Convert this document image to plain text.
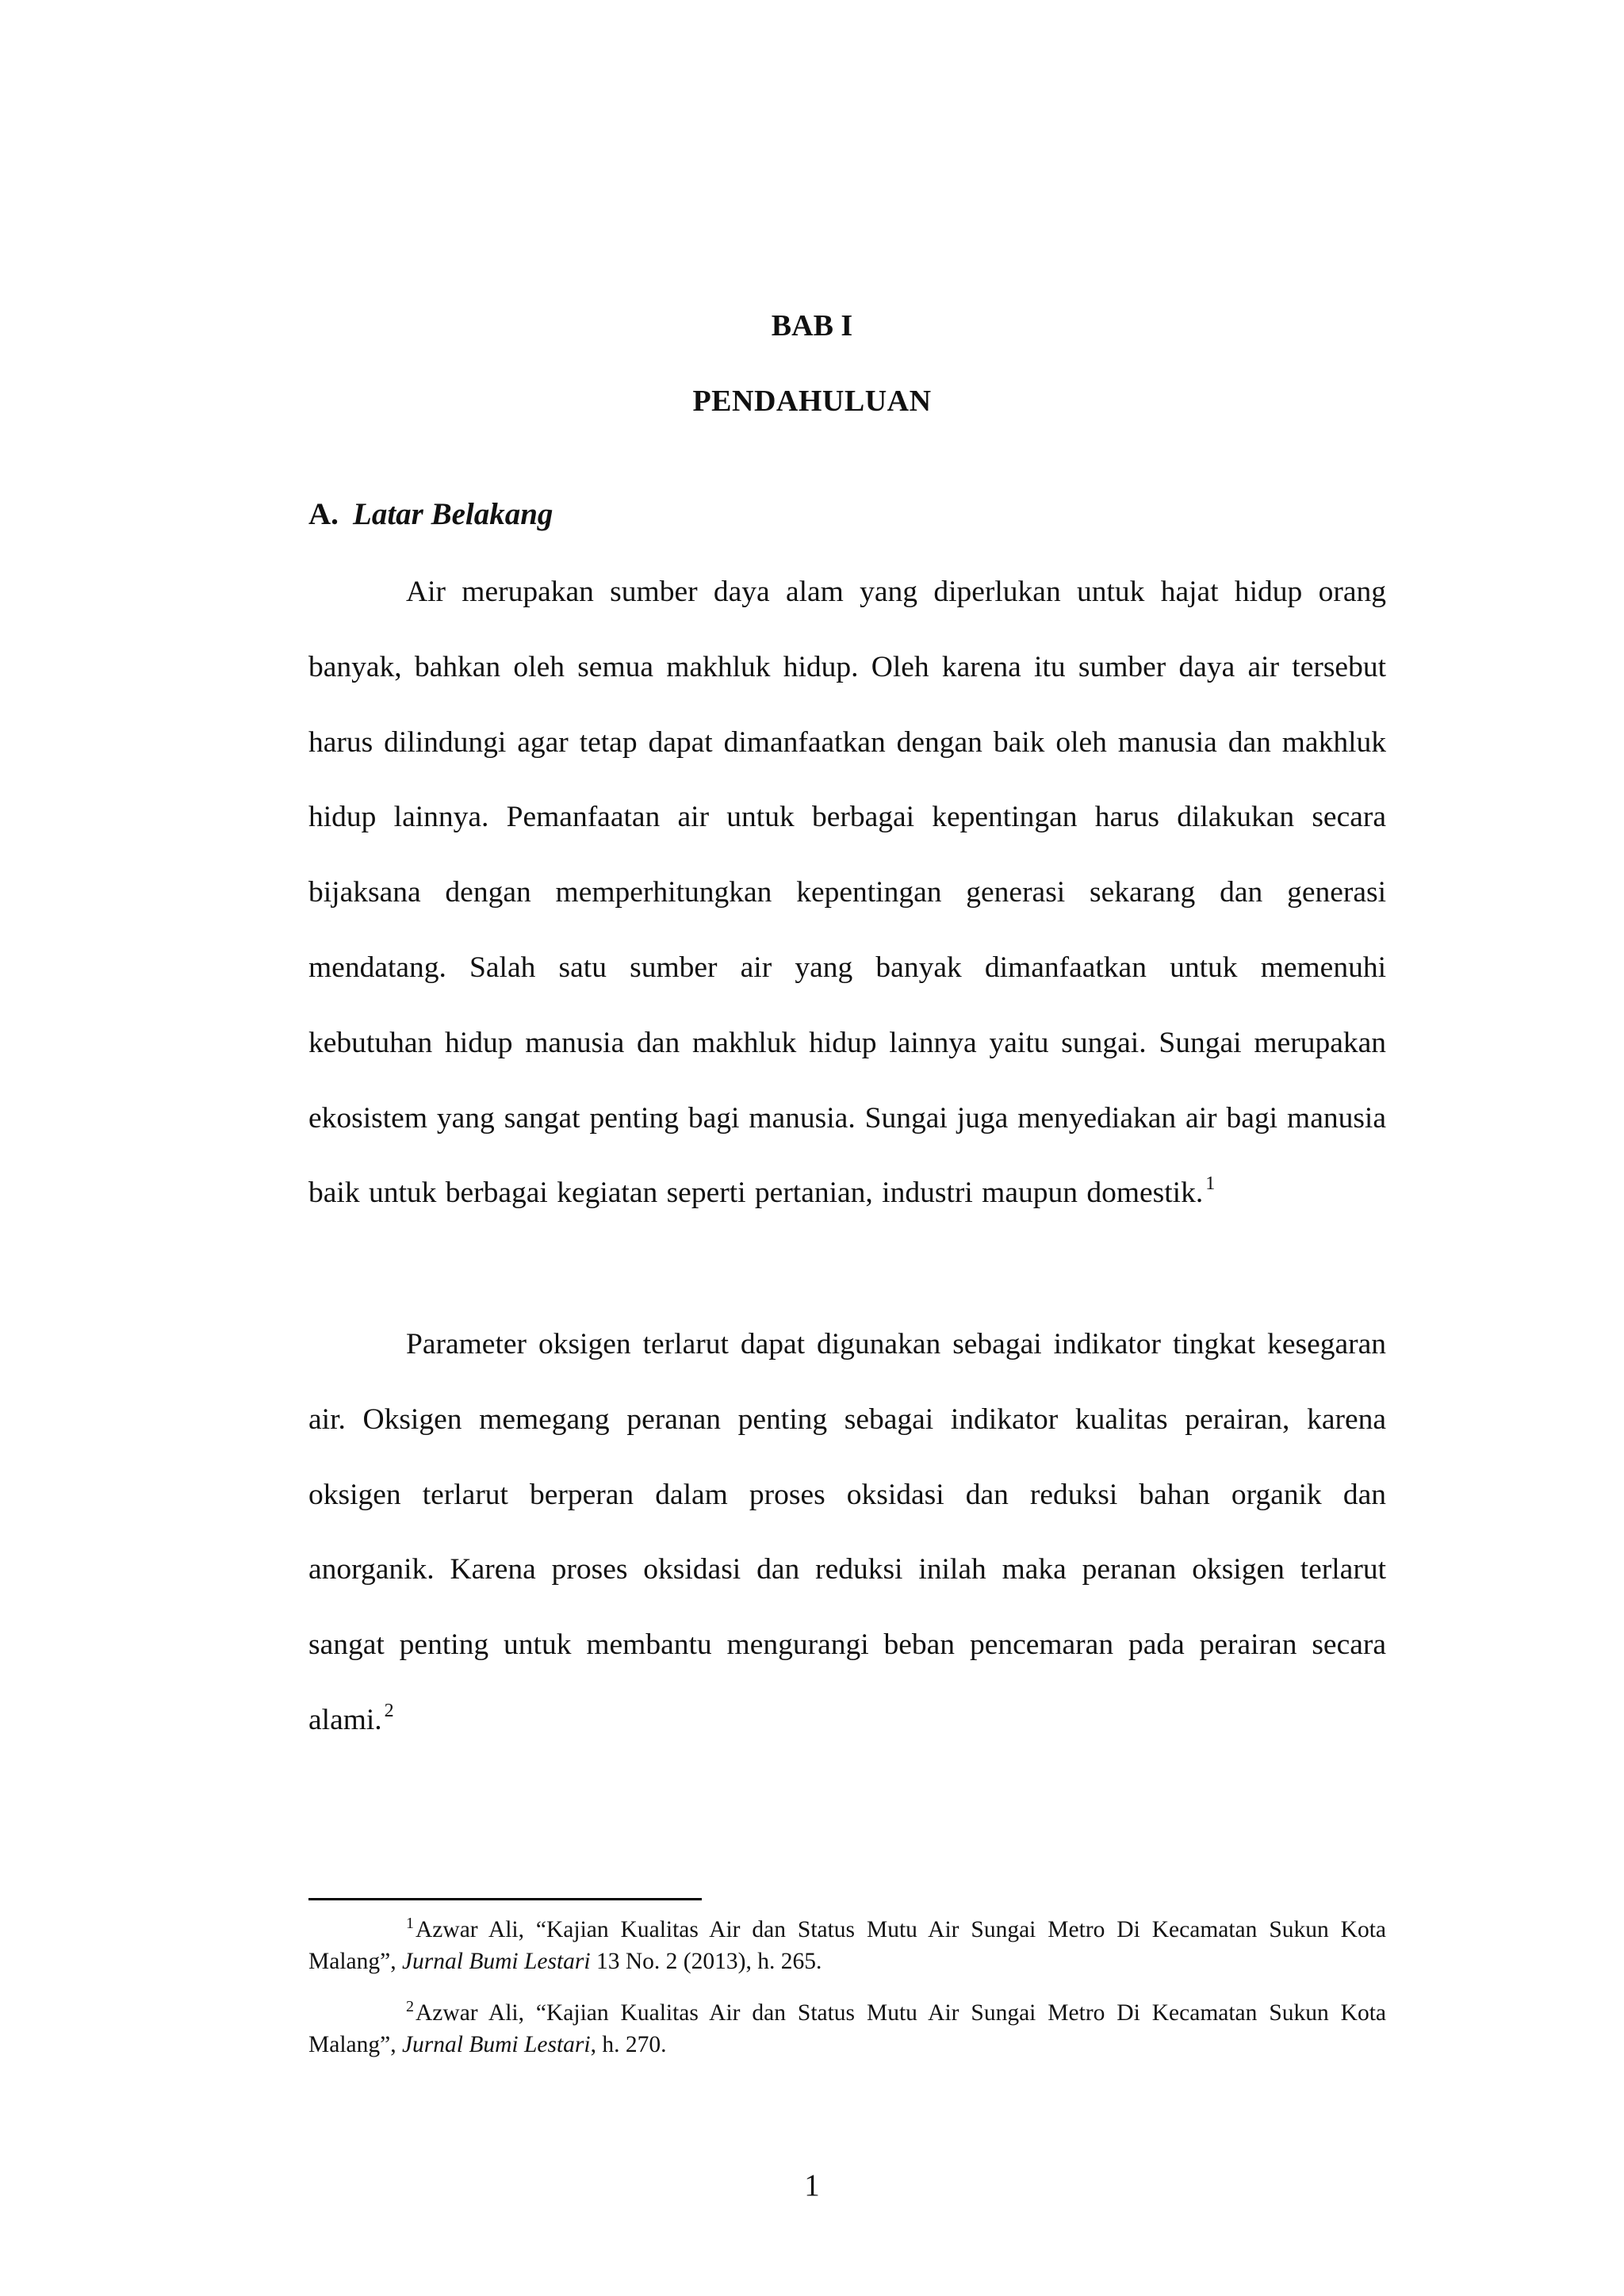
BAB I
PENDAHULUAN
A. Latar Belakang

Air merupakan sumber daya alam yang diperlukan untuk hajat hidup orang banyak, bahkan oleh semua makhluk hidup. Oleh karena itu sumber daya air tersebut harus dilindungi agar tetap dapat dimanfaatkan dengan baik oleh manusia dan makhluk hidup lainnya. Pemanfaatan air untuk berbagai kepentingan harus dilakukan secara bijaksana dengan memperhitungkan kepentingan generasi sekarang dan generasi mendatang. Salah satu sumber air yang banyak dimanfaatkan untuk memenuhi kebutuhan hidup manusia dan makhluk hidup lainnya yaitu sungai. Sungai merupakan ekosistem yang sangat penting bagi manusia. Sungai juga menyediakan air bagi manusia baik untuk berbagai kegiatan seperti pertanian, industri maupun domestik. $^1$

Parameter oksigen terlarut dapat digunakan sebagai indikator tingkat kesegaran air. Oksigen memegang peranan penting sebagai indikator kualitas perairan, karena oksigen terlarut berperan dalam proses oksidasi dan reduksi bahan organik dan anorganik. Karena proses oksidasi dan reduksi inilah maka peranan oksigen terlarut sangat penting untuk membantu mengurangi beban pencemaran pada perairan secara alami. $^2$

$^1$Azwar Ali, “Kajian Kualitas Air dan Status Mutu Air Sungai Metro Di Kecamatan Sukun Kota Malang”, Jurnal Bumi Lestari 13 No. 2 (2013), h. 265.

$^2$Azwar Ali, “Kajian Kualitas Air dan Status Mutu Air Sungai Metro Di Kecamatan Sukun Kota Malang”, Jurnal Bumi Lestari, h. 270.

1
